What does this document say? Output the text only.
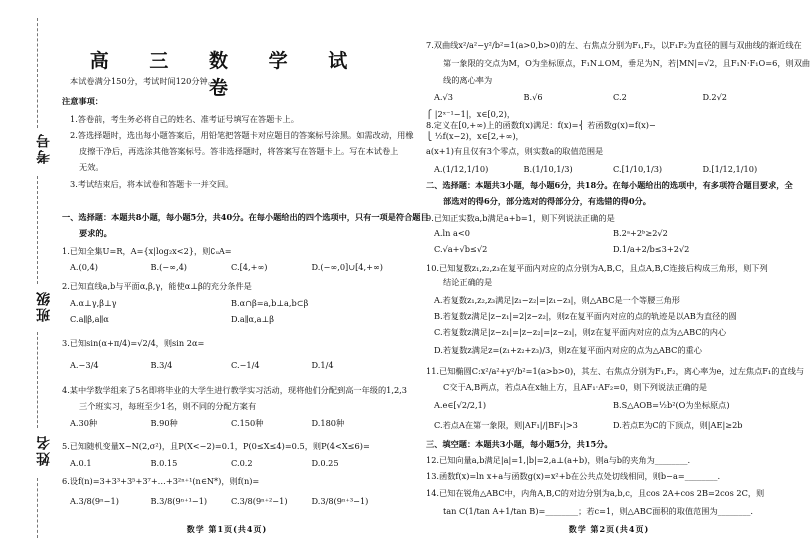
考号
班级
姓名
高 三 数 学 试 卷
本试卷满分150分，考试时间120分钟。
注意事项：
1.答卷前，考生务必将自己的姓名、准考证号填写在答题卡上。
2.答选择题时，选出每小题答案后，用铅笔把答题卡对应题目的答案标号涂黑。如需改动，用橡
皮擦干净后，再选涂其他答案标号。答非选择题时，将答案写在答题卡上。写在本试卷上
无效。
3.考试结束后，将本试卷和答题卡一并交回。
一、选择题：本题共8小题，每小题5分，共40分。在每小题给出的四个选项中，只有一项是符合题目
要求的。
1.已知全集U=R，A={x|log₂x<2}，则∁ᵤA=
A.(0,4)	B.(−∞,4)	C.[4,+∞)	D.(−∞,0]∪[4,+∞)
2.已知直线a,b与平面α,β,γ，能使α⊥β的充分条件是
A.α⊥γ,β⊥γ	B.α∩β=a,b⊥a,b⊂β
C.a∥β,a∥α	D.a∥α,a⊥β
3.已知sin(α+π/4)=√2/4，则sin 2α=
A.−3/4	B.3/4	C.−1/4	D.1/4
4.某中学数学组来了5名即将毕业的大学生进行教学实习活动，现将他们分配到高一年级的1,2,3
三个班实习，每班至少1名，则不同的分配方案有
A.30种	B.90种	C.150种	D.180种
5.已知随机变量X~N(2,σ²)，且P(X<−2)=0.1，P(0≤X≤4)=0.5，则P(4<X≤6)=
A.0.1	B.0.15	C.0.2	D.0.25
6.设f(n)=3+3³+3⁵+3⁷+…+3²ⁿ⁺¹(n∈N*)，则f(n)=
A.3/8(9ⁿ−1)	B.3/8(9ⁿ⁺¹−1)	C.3/8(9ⁿ⁺²−1)	D.3/8(9ⁿ⁺³−1)
数学 第1页(共4页)
7.双曲线x²/a²−y²/b²=1(a>0,b>0)的左、右焦点分别为F₁,F₂，以F₁F₂为直径的圆与双曲线的渐近线在
第一象限的交点为M，O为坐标原点，F₁N⊥OM，垂足为N，若|MN|=√2，且F₁N·F₁O=6，则双曲
线的离心率为
A.√3	B.√6	C.2	D.2√2
⎧ |2ˣ⁻¹−1|，x∈[0,2)，
8.定义在[0,+∞)上的函数f(x)满足：f(x)=⎨ 若函数g(x)=f(x)−
⎩ ½f(x−2)，x∈[2,+∞)，
a(x+1)有且仅有3个零点，则实数a的取值范围是
A.(1/12,1/10)	B.(1/10,1/3)	C.[1/10,1/3)	D.[1/12,1/10)
二、选择题：本题共3小题，每小题6分，共18分。在每小题给出的选项中，有多项符合题目要求，全
部选对的得6分，部分选对的得部分分，有选错的得0分。
9.已知正实数a,b满足a+b=1，则下列说法正确的是
A.ln a<0	B.2ᵃ+2ᵇ≥2√2
C.√a+√b≤√2	D.1/a+2/b≤3+2√2
10.已知复数z₁,z₂,z₃在复平面内对应的点分别为A,B,C，且点A,B,C连接后构成三角形，则下列
结论正确的是
A.若复数z₁,z₂,z₃满足|z₁−z₂|=|z₁−z₃|，则△ABC是一个等腰三角形
B.若复数z满足|z−z₁|=2|z−z₂|，则z在复平面内对应的点的轨迹是以AB为直径的圆
C.若复数z满足|z−z₁|=|z−z₂|=|z−z₃|，则z在复平面内对应的点为△ABC的内心
D.若复数z满足z=(z₁+z₂+z₃)/3，则z在复平面内对应的点为△ABC的重心
11.已知椭圆C:x²/a²+y²/b²=1(a>b>0)，其左、右焦点分别为F₁,F₂，离心率为e，过左焦点F₁的直线与
C交于A,B两点，若点A在x轴上方，且AF₁·AF₂=0，则下列说法正确的是
A.e∈[√2/2,1)	B.S△AOB=½b²(O为坐标原点)
C.若点A在第一象限，则|AF₁|/|BF₁|>3	D.若点E为C的下顶点，则|AE|≥2b
三、填空题：本题共3小题，每小题5分，共15分。
12.已知向量a,b满足|a|=1,|b|=2,a⊥(a+b)，则a与b的夹角为________.
13.函数f(x)=ln x+a与函数g(x)=x²+b在公共点处切线相同，则b−a=________.
14.已知在锐角△ABC中，内角A,B,C的对边分别为a,b,c，且cos 2A+cos 2B=2cos 2C，则
tan C(1/tan A+1/tan B)=________；若c=1，则△ABC面积的取值范围为________.
数学 第2页(共4页)
